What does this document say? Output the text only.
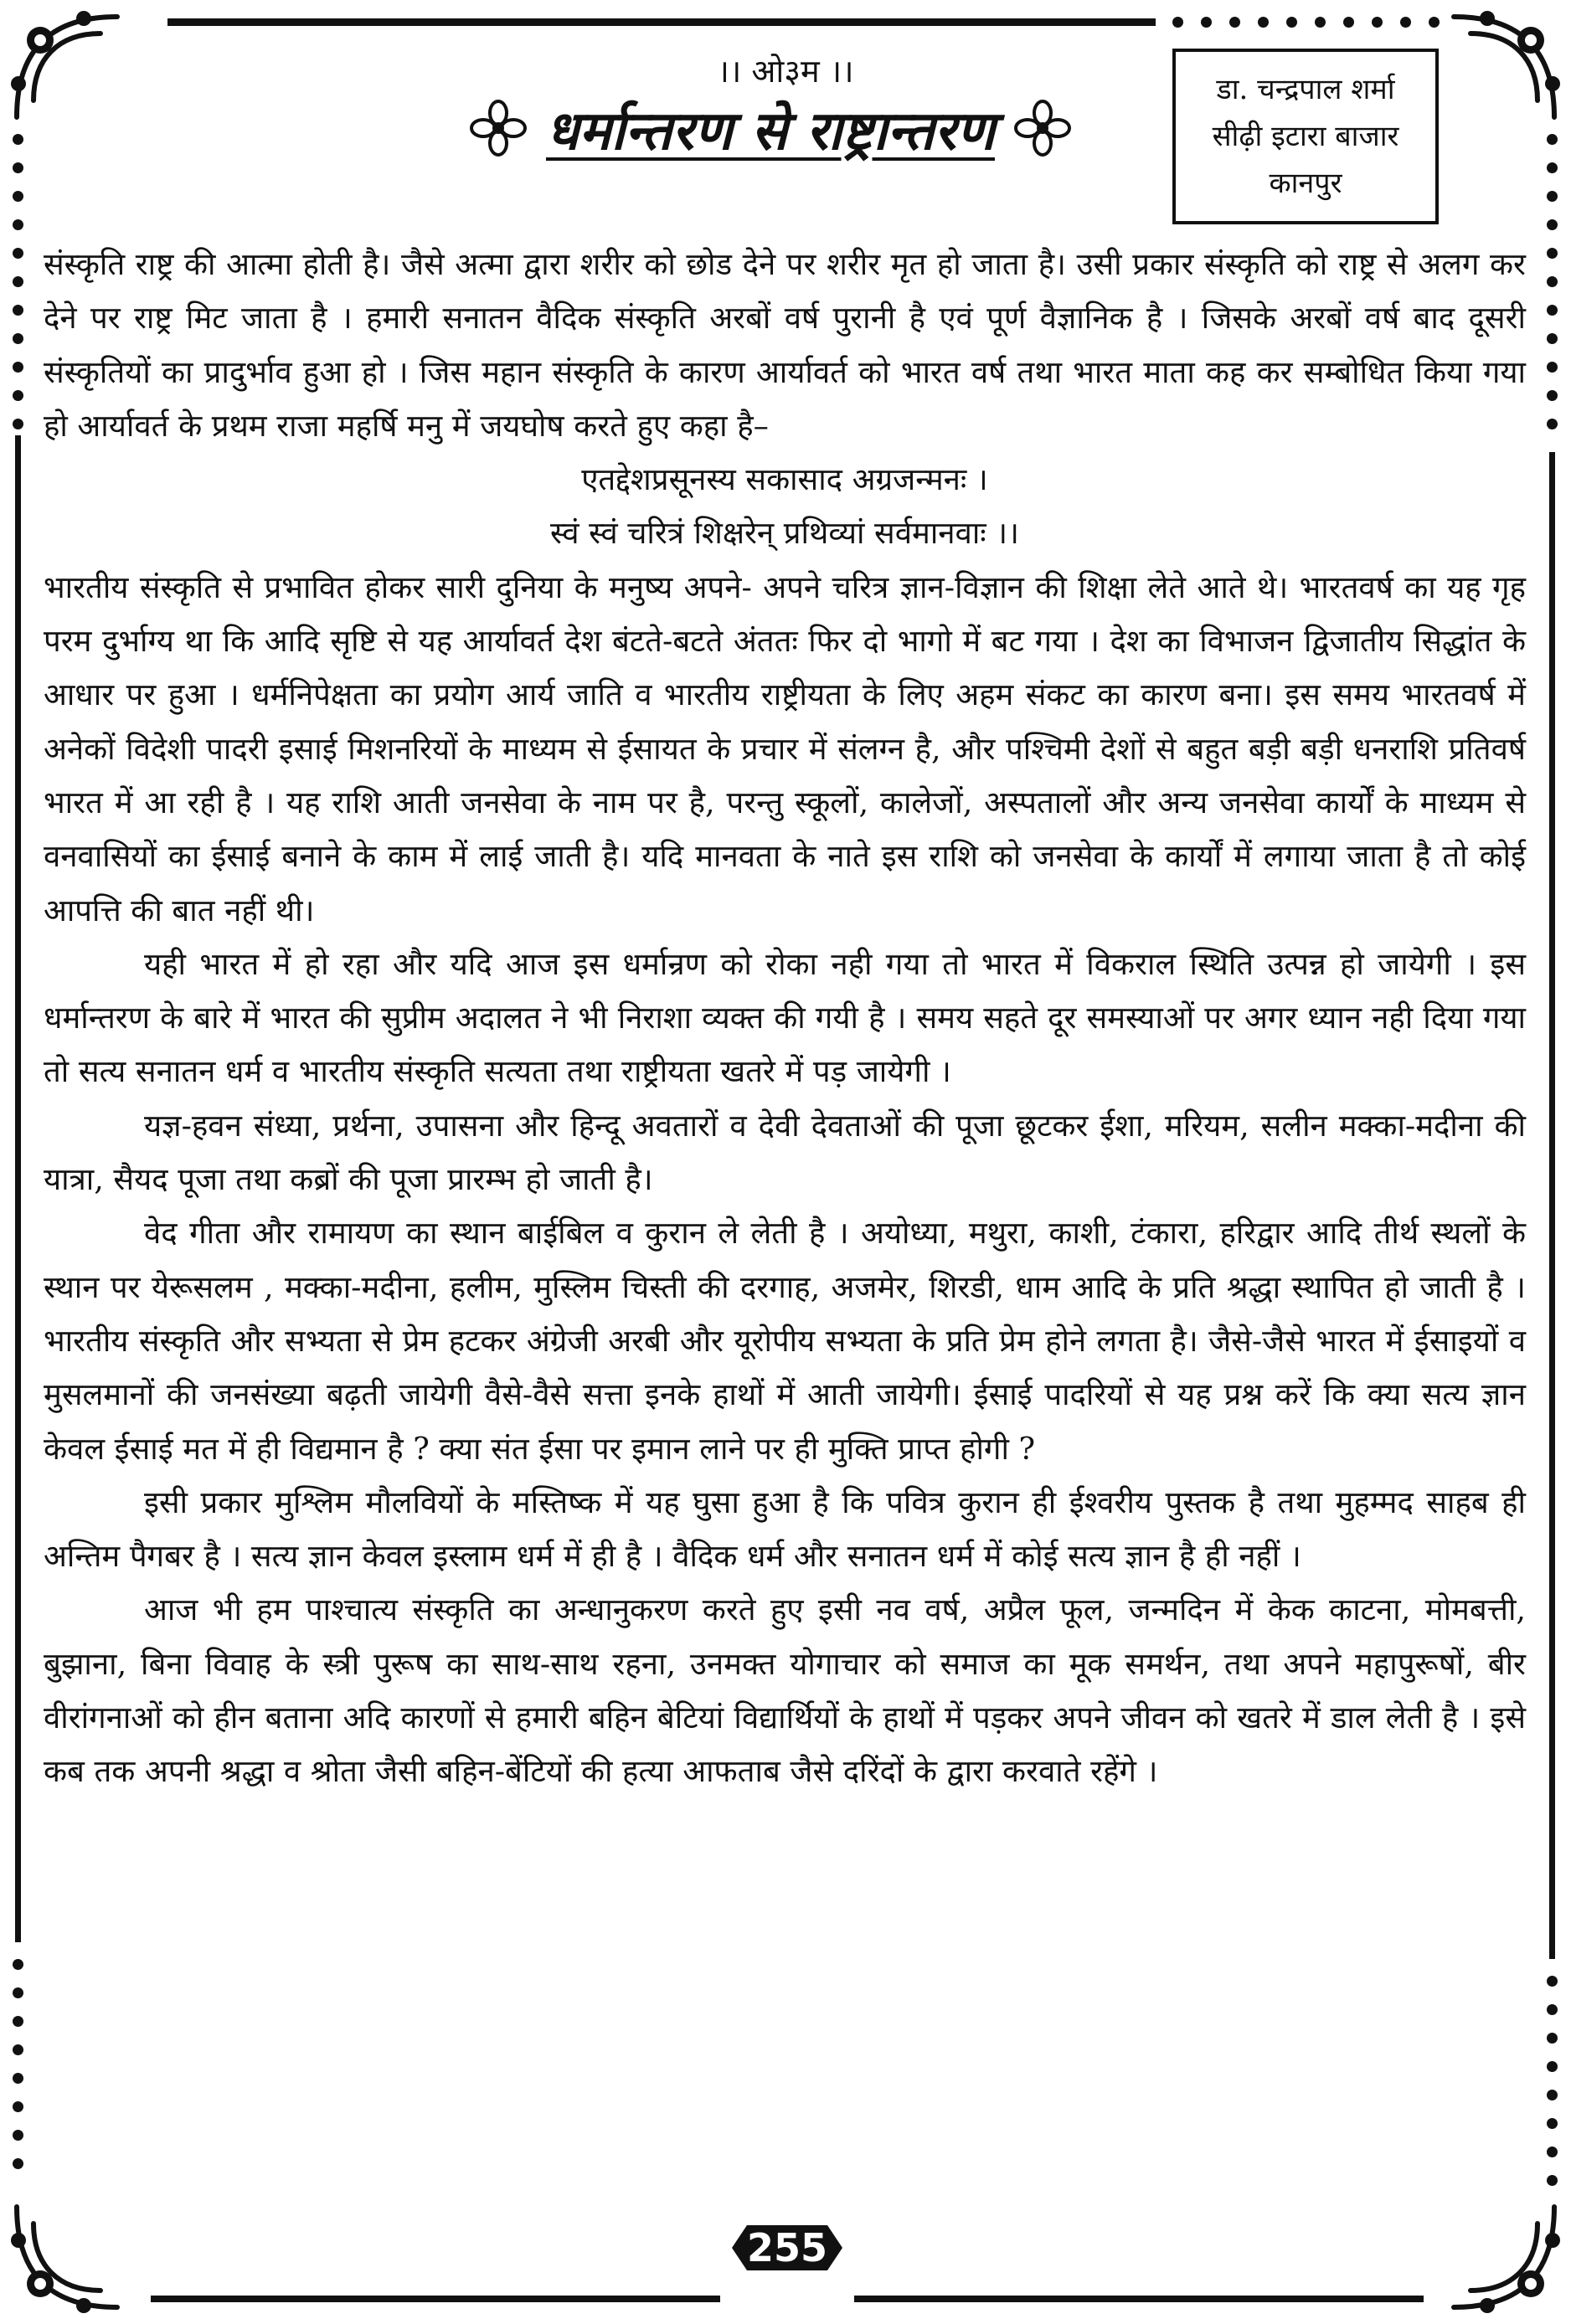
।। ओ३म ।।
धर्मान्तरण से राष्ट्रान्तरण
डा. चन्द्रपाल शर्मा
सीढ़ी इटारा बाजार
कानपुर

संस्कृति राष्ट्र की आत्मा होती है। जैसे अत्मा द्वारा शरीर को छोड देने पर शरीर मृत हो जाता है। उसी प्रकार संस्कृति को राष्ट्र से अलग कर देने पर राष्ट्र मिट जाता है । हमारी सनातन वैदिक संस्कृति अरबों वर्ष पुरानी है एवं पूर्ण वैज्ञानिक है । जिसके अरबों वर्ष बाद दूसरी संस्कृतियों का प्रादुर्भाव हुआ हो । जिस महान संस्कृति के कारण आर्यावर्त को भारत वर्ष तथा भारत माता कह कर सम्बोधित किया गया हो आर्यावर्त के प्रथम राजा महर्षि मनु में जयघोष करते हुए कहा है–

एतद्देशप्रसूनस्य सकासाद अग्रजन्मनः ।

स्वं स्वं चरित्रं शिक्षरेन् प्रथिव्यां सर्वमानवाः ।।

भारतीय संस्कृति से प्रभावित होकर सारी दुनिया के मनुष्य अपने- अपने चरित्र ज्ञान-विज्ञान की शिक्षा लेते आते थे। भारतवर्ष का यह गृह परम दुर्भाग्य था कि आदि सृष्टि से यह आर्यावर्त देश बंटते-बटते अंततः फिर दो भागो में बट गया । देश का विभाजन द्विजातीय सिद्धांत के आधार पर हुआ । धर्मनिपेक्षता का प्रयोग आर्य जाति व भारतीय राष्ट्रीयता के लिए अहम संकट का कारण बना। इस समय भारतवर्ष में अनेकों विदेशी पादरी इसाई मिशनरियों के माध्यम से ईसायत के प्रचार में संलग्न है, और पश्चिमी देशों से बहुत बड़ी बड़ी धनराशि प्रतिवर्ष भारत में आ रही है । यह राशि आती जनसेवा के नाम पर है, परन्तु स्कूलों, कालेजों, अस्पतालों और अन्य जनसेवा कार्यों के माध्यम से वनवासियों का ईसाई बनाने के काम में लाई जाती है। यदि मानवता के नाते इस राशि को जनसेवा के कार्यों में लगाया जाता है तो कोई आपत्ति की बात नहीं थी।

यही भारत में हो रहा और यदि आज इस धर्मान्रण को रोका नही गया तो भारत में विकराल स्थिति उत्पन्न हो जायेगी । इस धर्मान्तरण के बारे में भारत की सुप्रीम अदालत ने भी निराशा व्यक्त की गयी है । समय सहते दूर समस्याओं पर अगर ध्यान नही दिया गया तो सत्य सनातन धर्म व भारतीय संस्कृति सत्यता तथा राष्ट्रीयता खतरे में पड़ जायेगी ।

यज्ञ-हवन संध्या, प्रर्थना, उपासना और हिन्दू अवतारों व देवी देवताओं की पूजा छूटकर ईशा, मरियम, सलीन मक्का-मदीना की यात्रा, सैयद पूजा तथा कब्रों की पूजा प्रारम्भ हो जाती है।

वेद गीता और रामायण का स्थान बाईबिल व कुरान ले लेती है । अयोध्या, मथुरा, काशी, टंकारा, हरिद्वार आदि तीर्थ स्थलों के स्थान पर येरूसलम , मक्का-मदीना, हलीम, मुस्लिम चिस्ती की दरगाह, अजमेर, शिरडी, धाम आदि के प्रति श्रद्धा स्थापित हो जाती है । भारतीय संस्कृति और सभ्यता से प्रेम हटकर अंग्रेजी अरबी और यूरोपीय सभ्यता के प्रति प्रेम होने लगता है। जैसे-जैसे भारत में ईसाइयों व मुसलमानों की जनसंख्या बढ़ती जायेगी वैसे-वैसे सत्ता इनके हाथों में आती जायेगी। ईसाई पादरियों से यह प्रश्न करें कि क्या सत्य ज्ञान केवल ईसाई मत में ही विद्यमान है ? क्या संत ईसा पर इमान लाने पर ही मुक्ति प्राप्त होगी ?

इसी प्रकार मुश्लिम मौलवियों के मस्तिष्क में यह घुसा हुआ है कि पवित्र कुरान ही ईश्वरीय पुस्तक है तथा मुहम्मद साहब ही अन्तिम पैगबर है । सत्य ज्ञान केवल इस्लाम धर्म में ही है । वैदिक धर्म और सनातन धर्म में कोई सत्य ज्ञान है ही नहीं ।

आज भी हम पाश्चात्य संस्कृति का अन्धानुकरण करते हुए इसी नव वर्ष, अप्रैल फूल, जन्मदिन में केक काटना, मोमबत्ती, बुझाना, बिना विवाह के स्त्री पुरूष का साथ-साथ रहना, उनमक्त योगाचार को समाज का मूक समर्थन, तथा अपने महापुरूषों, बीर वीरांगनाओं को हीन बताना अदि कारणों से हमारी बहिन बेटियां विद्यार्थियों के हाथों में पड़कर अपने जीवन को खतरे में डाल लेती है । इसे कब तक अपनी श्रद्धा व श्रोता जैसी बहिन-बेंटियों की हत्या आफताब जैसे दरिंदों के द्वारा करवाते रहेंगे ।

255
